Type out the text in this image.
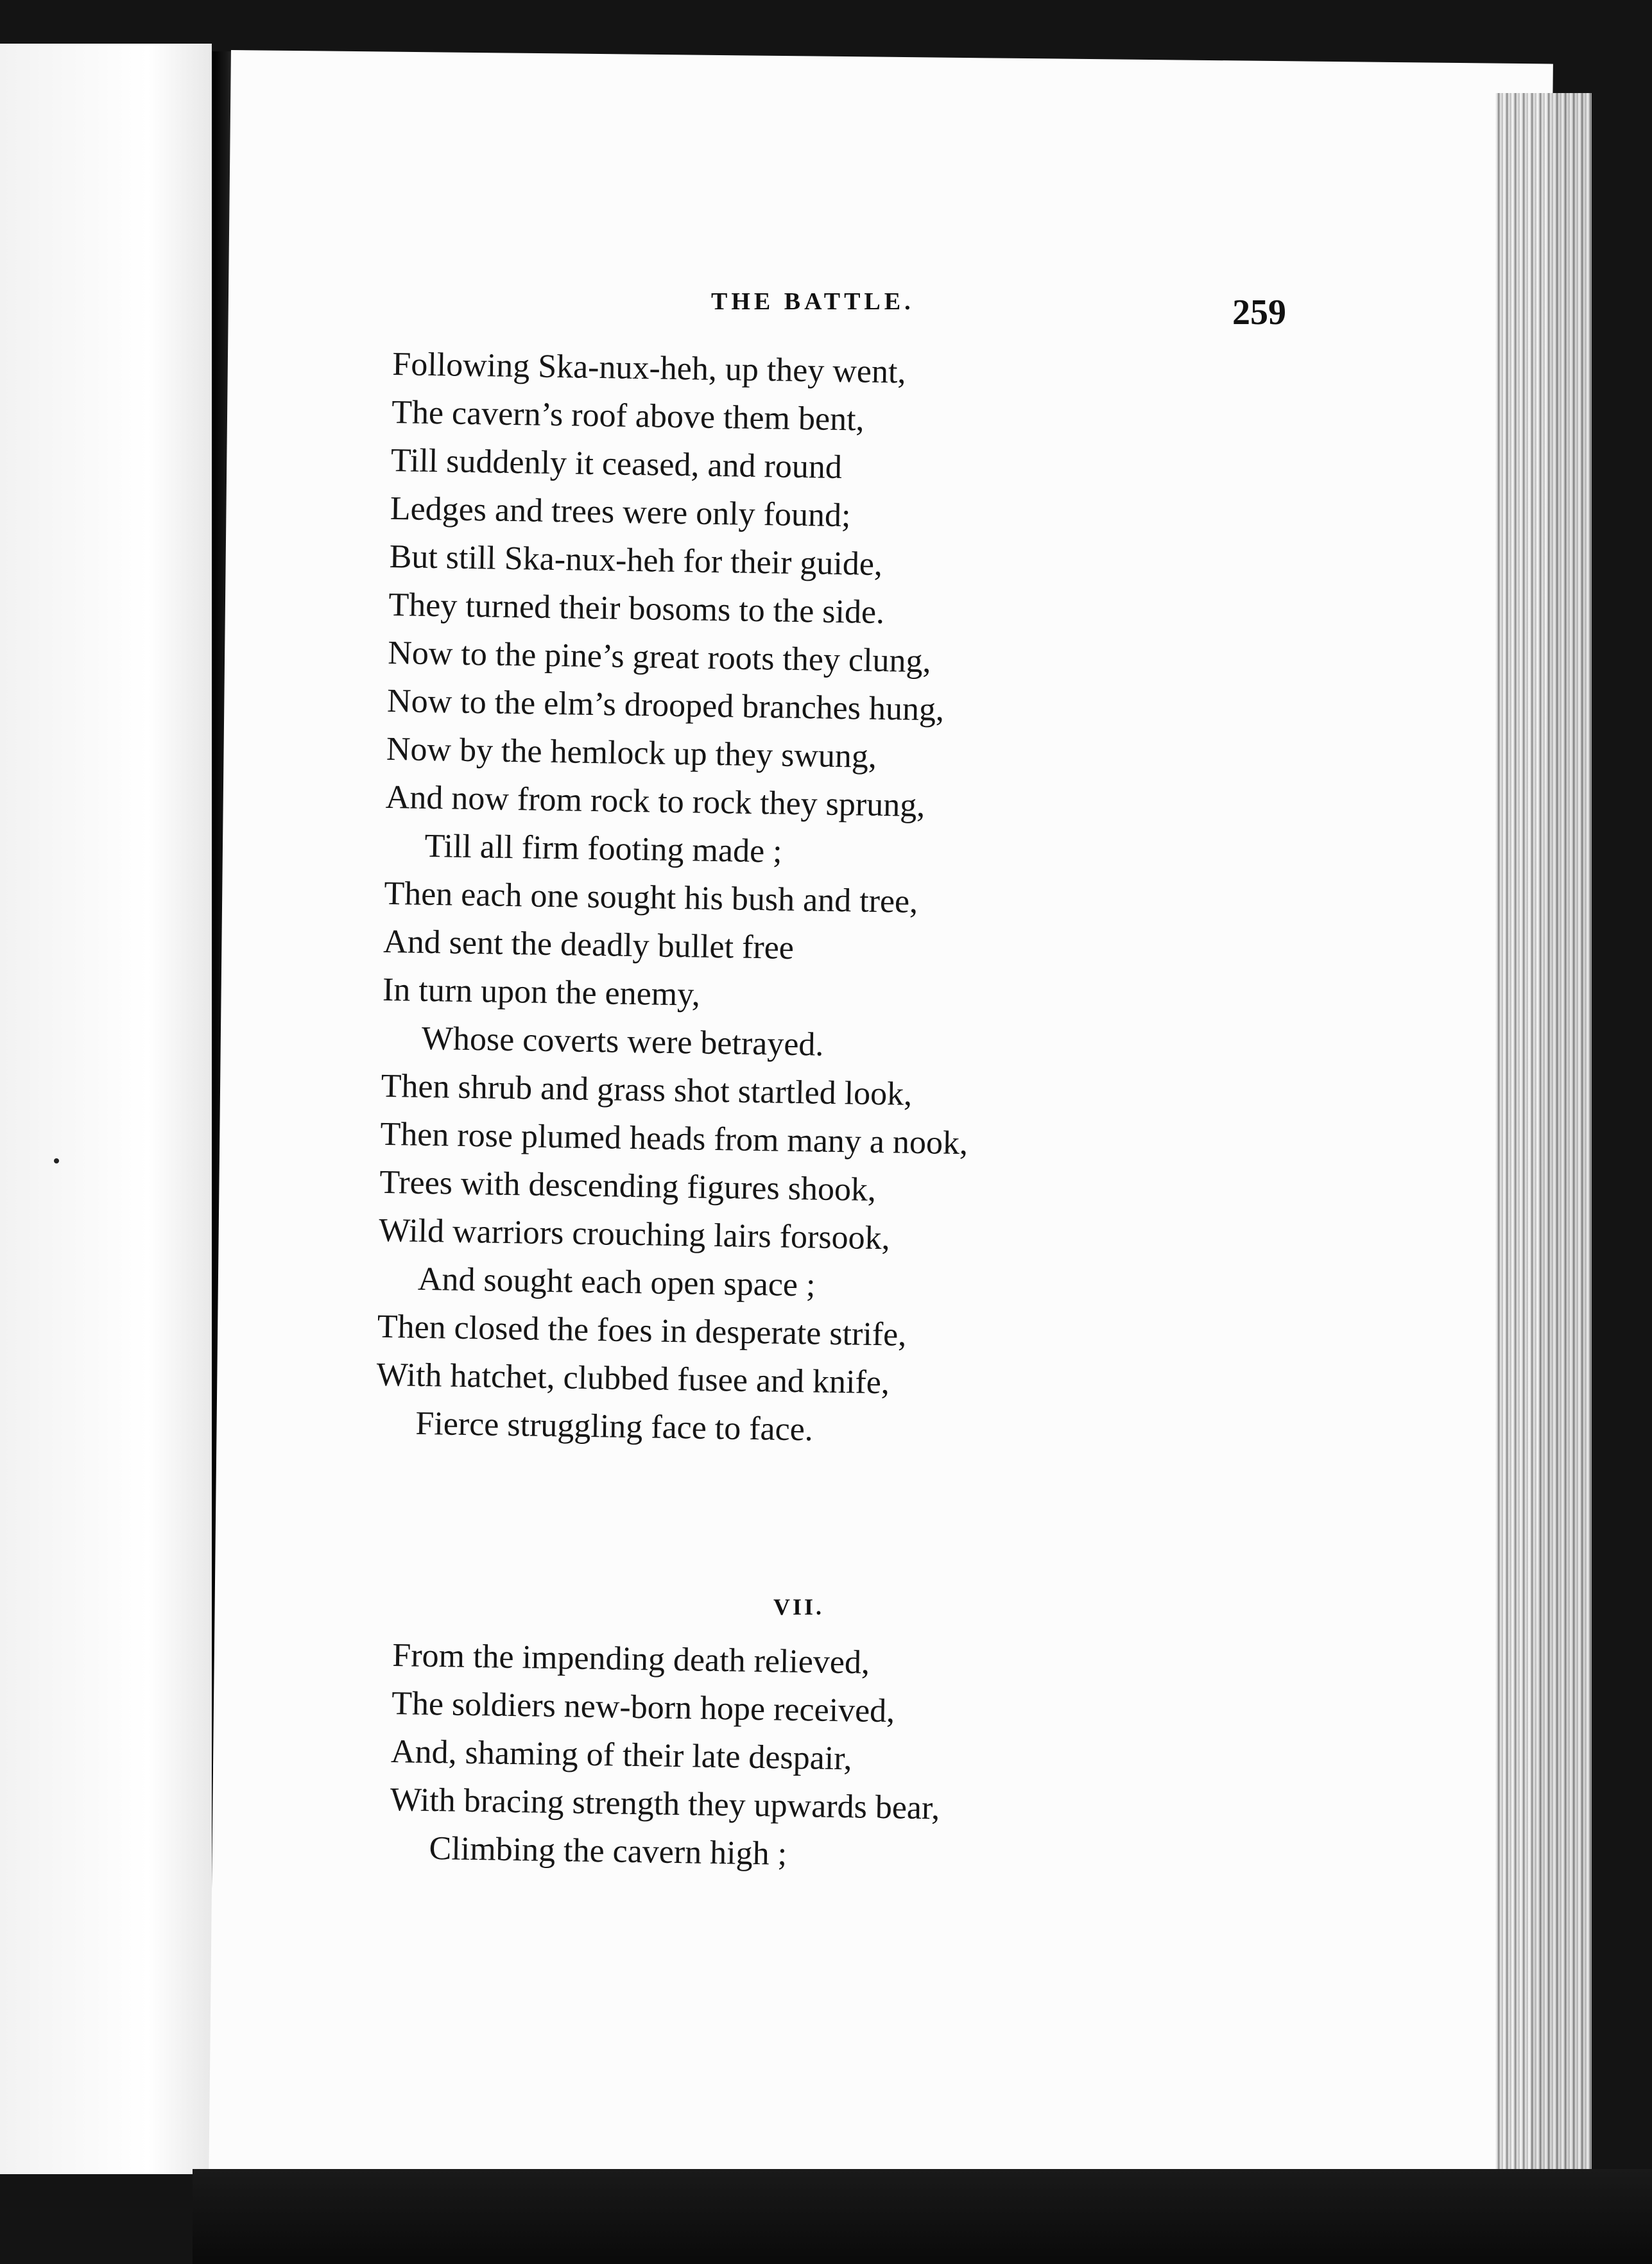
THE BATTLE.	259
Following Ska-nux-heh, up they went,
The cavern’s roof above them bent,
Till suddenly it ceased, and round
Ledges and trees were only found;
But still Ska-nux-heh for their guide,
They turned their bosoms to the side.
Now to the pine’s great roots they clung,
Now to the elm’s drooped branches hung,
Now by the hemlock up they swung,
And now from rock to rock they sprung,
Till all firm footing made ;
Then each one sought his bush and tree,
And sent the deadly bullet free
In turn upon the enemy,
Whose coverts were betrayed.
Then shrub and grass shot startled look,
Then rose plumed heads from many a nook,
Trees with descending figures shook,
Wild warriors crouching lairs forsook,
And sought each open space ;
Then closed the foes in desperate strife,
With hatchet, clubbed fusee and knife,
Fierce struggling face to face.
VII.
From the impending death relieved,
The soldiers new-born hope received,
And, shaming of their late despair,
With bracing strength they upwards bear,
Climbing the cavern high ;
